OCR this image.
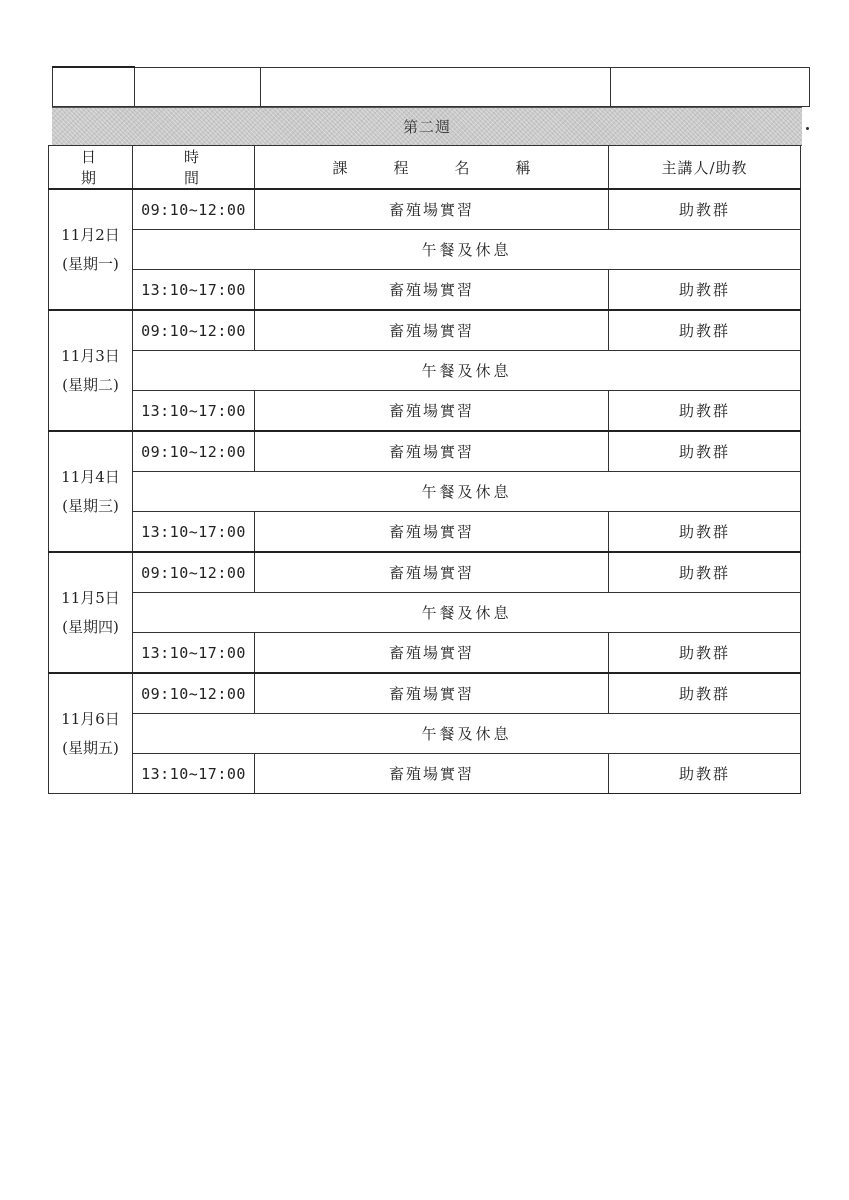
第二週
日　期	時　間	課程名稱	主講人/助教

11月2日
(星期一)	09:10~12:00	畜殖場實習	助教群
	午餐及休息		
	13:10~17:00	畜殖場實習	助教群

11月3日
(星期二)	09:10~12:00	畜殖場實習	助教群
	午餐及休息		
	13:10~17:00	畜殖場實習	助教群

11月4日
(星期三)	09:10~12:00	畜殖場實習	助教群
	午餐及休息		
	13:10~17:00	畜殖場實習	助教群

11月5日
(星期四)	09:10~12:00	畜殖場實習	助教群
	午餐及休息		
	13:10~17:00	畜殖場實習	助教群

11月6日
(星期五)	09:10~12:00	畜殖場實習	助教群
	午餐及休息		
	13:10~17:00	畜殖場實習	助教群
